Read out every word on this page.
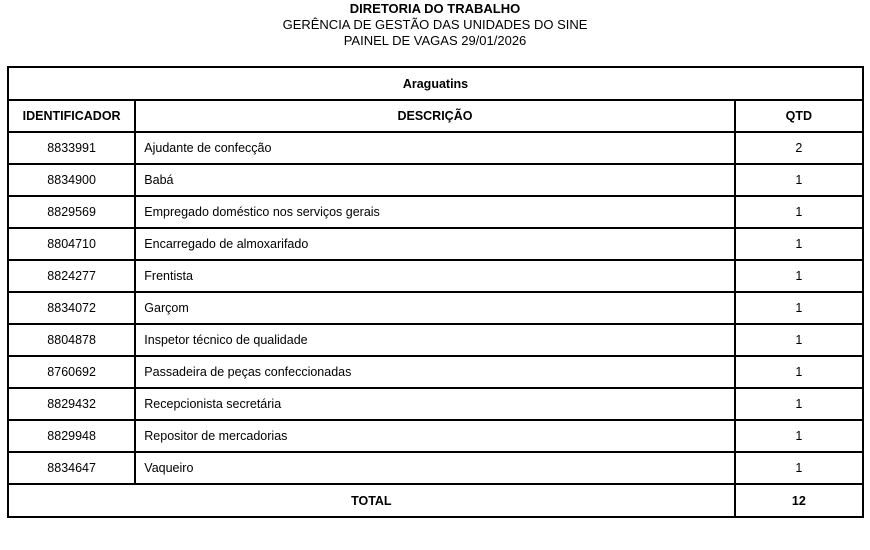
DIRETORIA DO TRABALHO
GERÊNCIA DE GESTÃO DAS UNIDADES DO SINE
PAINEL DE VAGAS 29/01/2026
Araguatins		
IDENTIFICADOR	DESCRIÇÃO	QTD
8833991	Ajudante de confecção	2
8834900	Babá	1
8829569	Empregado doméstico nos serviços gerais	1
8804710	Encarregado de almoxarifado	1
8824277	Frentista	1
8834072	Garçom	1
8804878	Inspetor técnico de qualidade	1
8760692	Passadeira de peças confeccionadas	1
8829432	Recepcionista secretária	1
8829948	Repositor de mercadorias	1
8834647	Vaqueiro	1
TOTAL		12
